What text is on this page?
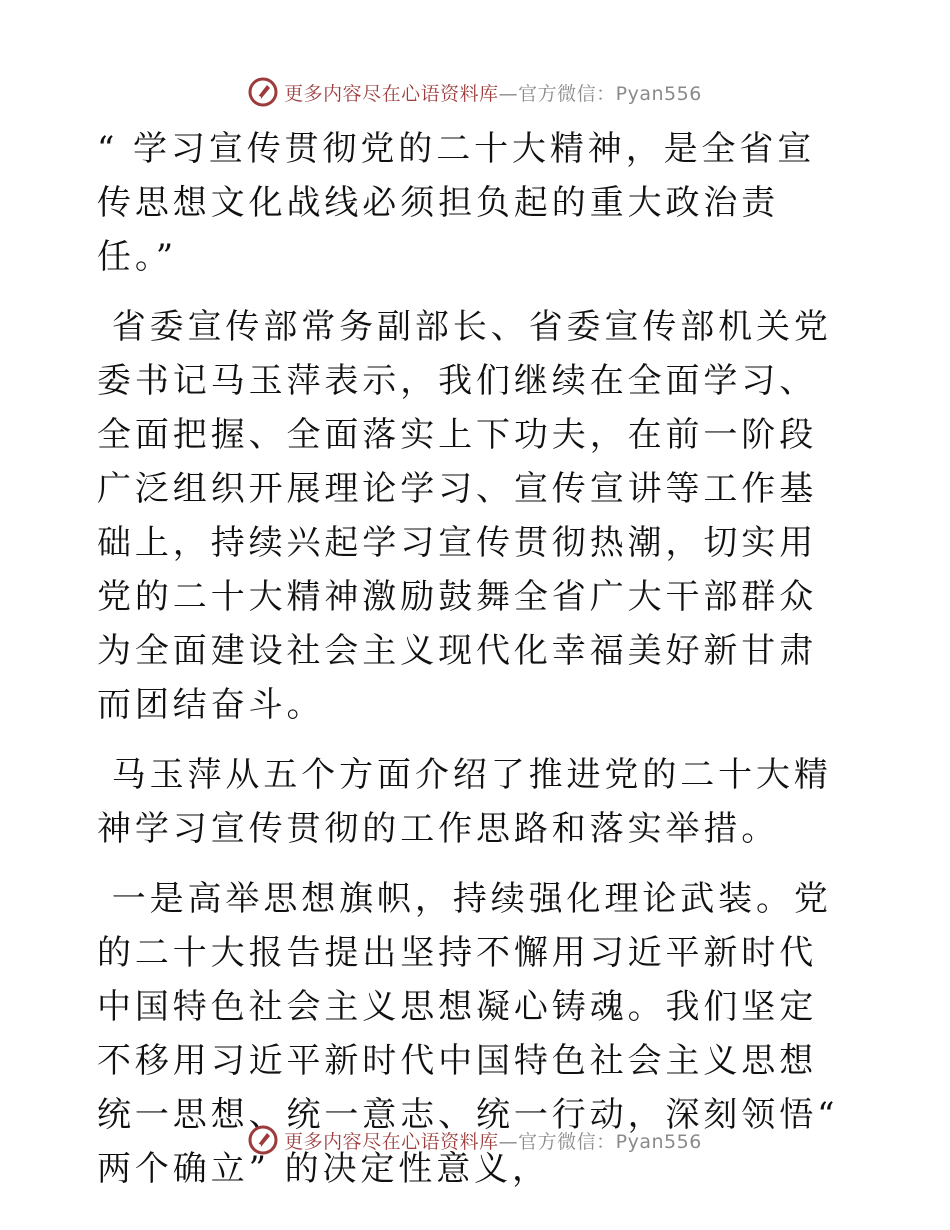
更多内容尽在心语资料库—官方微信：Pyan556

“ 学习宣传贯彻党的二十大精神，是全省宣传思想文化战线必须担负起的重大政治责任。”

省委宣传部常务副部长、省委宣传部机关党委书记马玉萍表示，我们继续在全面学习、全面把握、全面落实上下功夫，在前一阶段广泛组织开展理论学习、宣传宣讲等工作基础上，持续兴起学习宣传贯彻热潮，切实用党的二十大精神激励鼓舞全省广大干部群众为全面建设社会主义现代化幸福美好新甘肃而团结奋斗。

马玉萍从五个方面介绍了推进党的二十大精神学习宣传贯彻的工作思路和落实举措。

一是高举思想旗帜，持续强化理论武装。党的二十大报告提出坚持不懈用习近平新时代中国特色社会主义思想凝心铸魂。我们坚定不移用习近平新时代中国特色社会主义思想统一思想、统一意志、统一行动，深刻领悟“ 两个确立” 的决定性意义，

更多内容尽在心语资料库—官方微信：Pyan556
